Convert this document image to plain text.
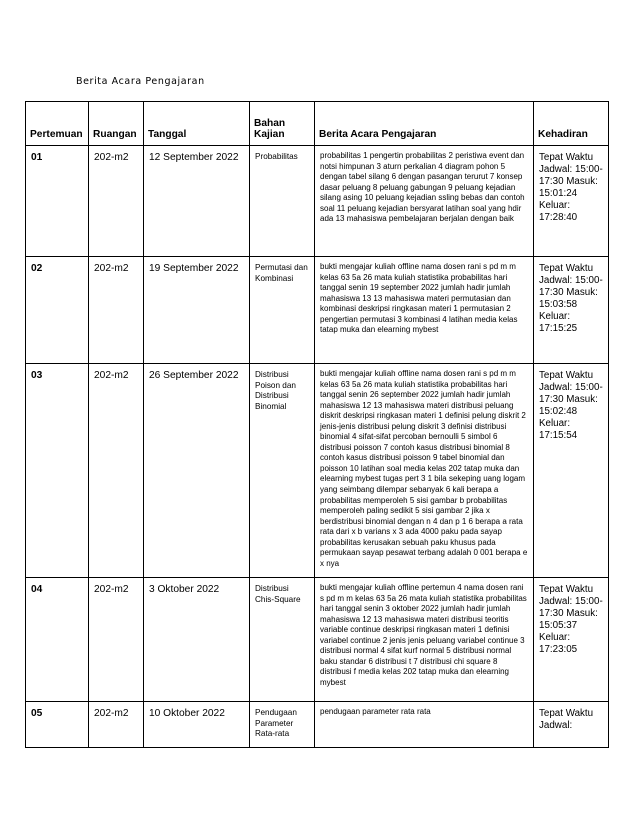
Berita Acara Pengajaran
Pertemuan	Ruangan	Tanggal	Bahan Kajian	Berita Acara Pengajaran	Kehadiran
01	202-m2	12 September 2022	Probabilitas	probabilitas 1 pengertin probabilitas 2 peristiwa event dan notsi himpunan 3 aturn perkalian 4 diagram pohon 5 dengan tabel silang 6 dengan pasangan terurut 7 konsep dasar peluang 8 peluang gabungan 9 peluang kejadian silang asing 10 peluang kejadian ssling bebas dan contoh soal 11 peluang kejadian bersyarat latihan soal yang hdir ada 13 mahasiswa pembelajaran berjalan dengan baik	Tepat Waktu Jadwal: 15:00-17:30 Masuk: 15:01:24 Keluar: 17:28:40
02	202-m2	19 September 2022	Permutasi dan Kombinasi	bukti mengajar kuliah offline nama dosen rani s pd m m kelas 63 5a 26 mata kuliah statistika probabilitas hari tanggal senin 19 september 2022 jumlah hadir jumlah mahasiswa 13 13 mahasiswa materi permutasian dan kombinasi deskripsi ringkasan materi 1 permutasian 2 pengertian permutasi 3 kombinasi 4 latihan media kelas tatap muka dan elearning mybest	Tepat Waktu Jadwal: 15:00-17:30 Masuk: 15:03:58 Keluar: 17:15:25
03	202-m2	26 September 2022	Distribusi Poison dan Distribusi Binomial	bukti mengajar kuliah offline nama dosen rani s pd m m kelas 63 5a 26 mata kuliah statistika probabilitas hari tanggal senin 26 september 2022 jumlah hadir jumlah mahasiswa 12 13 mahasiswa materi distribusi peluang diskrit deskripsi ringkasan materi 1 definisi pelung diskrit 2 jenis-jenis distribusi pelung diskrit 3 definisi distribusi binomial 4 sifat-sifat percoban bernoulli 5 simbol 6 distribusi poisson 7 contoh kasus distribusi binomial 8 contoh kasus distribusi poisson 9 tabel binomial dan poisson 10 latihan soal media kelas 202 tatap muka dan elearning mybest tugas pert 3 1 bila sekeping uang logam yang seimbang dilempar sebanyak 6 kali berapa a probabilitas memperoleh 5 sisi gambar b probabilitas memperoleh paling sedikit 5 sisi gambar 2 jika x berdistribusi binomial dengan n 4 dan p 1 6 berapa a rata rata dari x b varians x 3 ada 4000 paku pada sayap probabilitas kerusakan sebuah paku khusus pada permukaan sayap pesawat terbang adalah 0 001 berapa e x nya	Tepat Waktu Jadwal: 15:00-17:30 Masuk: 15:02:48 Keluar: 17:15:54
04	202-m2	3 Oktober 2022	Distribusi Chis-Square	bukti mengajar kuliah offline pertemun 4 nama dosen rani s pd m m kelas 63 5a 26 mata kuliah statistika probabilitas hari tanggal senin 3 oktober 2022 jumlah hadir jumlah mahasiswa 12 13 mahasiswa materi distribusi teoritis variable continue deskripsi ringkasan materi 1 definisi variabel continue 2 jenis jenis peluang variabel continue 3 distribusi normal 4 sifat kurf normal 5 distribusi normal baku standar 6 distribusi t 7 distribusi chi square 8 distribusi f media kelas 202 tatap muka dan elearning mybest	Tepat Waktu Jadwal: 15:00-17:30 Masuk: 15:05:37 Keluar: 17:23:05
05	202-m2	10 Oktober 2022	Pendugaan Parameter Rata-rata	pendugaan parameter rata rata	Tepat Waktu Jadwal:
